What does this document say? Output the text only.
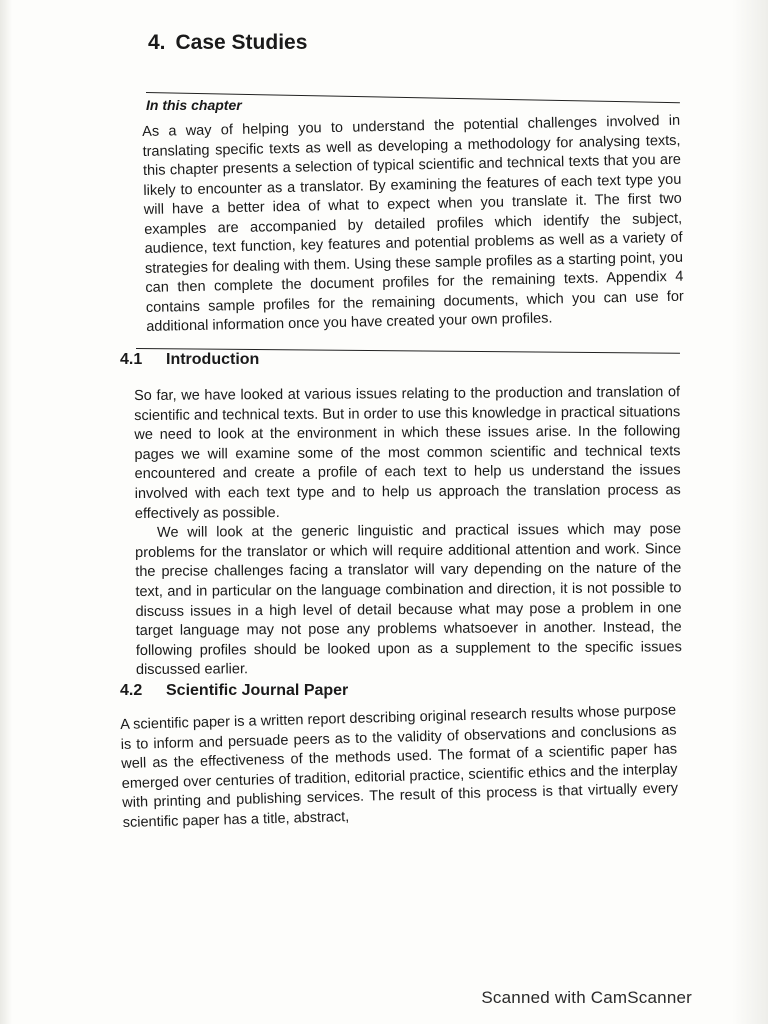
4. Case Studies
In this chapter

As a way of helping you to understand the potential challenges involved in translating specific texts as well as developing a methodology for analysing texts, this chapter presents a selection of typical scientific and technical texts that you are likely to encounter as a translator. By examining the features of each text type you will have a better idea of what to expect when you translate it. The first two examples are accompanied by detailed profiles which identify the subject, audience, text function, key features and potential problems as well as a variety of strategies for dealing with them. Using these sample profiles as a starting point, you can then complete the document profiles for the remaining texts. Appendix 4 contains sample profiles for the remaining documents, which you can use for additional information once you have created your own profiles.

4.1 Introduction

So far, we have looked at various issues relating to the production and translation of scientific and technical texts. But in order to use this knowledge in practical situations we need to look at the environment in which these issues arise. In the following pages we will examine some of the most common scientific and technical texts encountered and create a profile of each text to help us understand the issues involved with each text type and to help us approach the translation process as effectively as possible.

We will look at the generic linguistic and practical issues which may pose problems for the translator or which will require additional attention and work. Since the precise challenges facing a translator will vary depending on the nature of the text, and in particular on the language combination and direction, it is not possible to discuss issues in a high level of detail because what may pose a problem in one target language may not pose any problems whatsoever in another. Instead, the following profiles should be looked upon as a supplement to the specific issues discussed earlier.

4.2 Scientific Journal Paper

A scientific paper is a written report describing original research results whose purpose is to inform and persuade peers as to the validity of observations and conclusions as well as the effectiveness of the methods used. The format of a scientific paper has emerged over centuries of tradition, editorial practice, scientific ethics and the interplay with printing and publishing services. The result of this process is that virtually every scientific paper has a title, abstract,

Scanned with CamScanner
